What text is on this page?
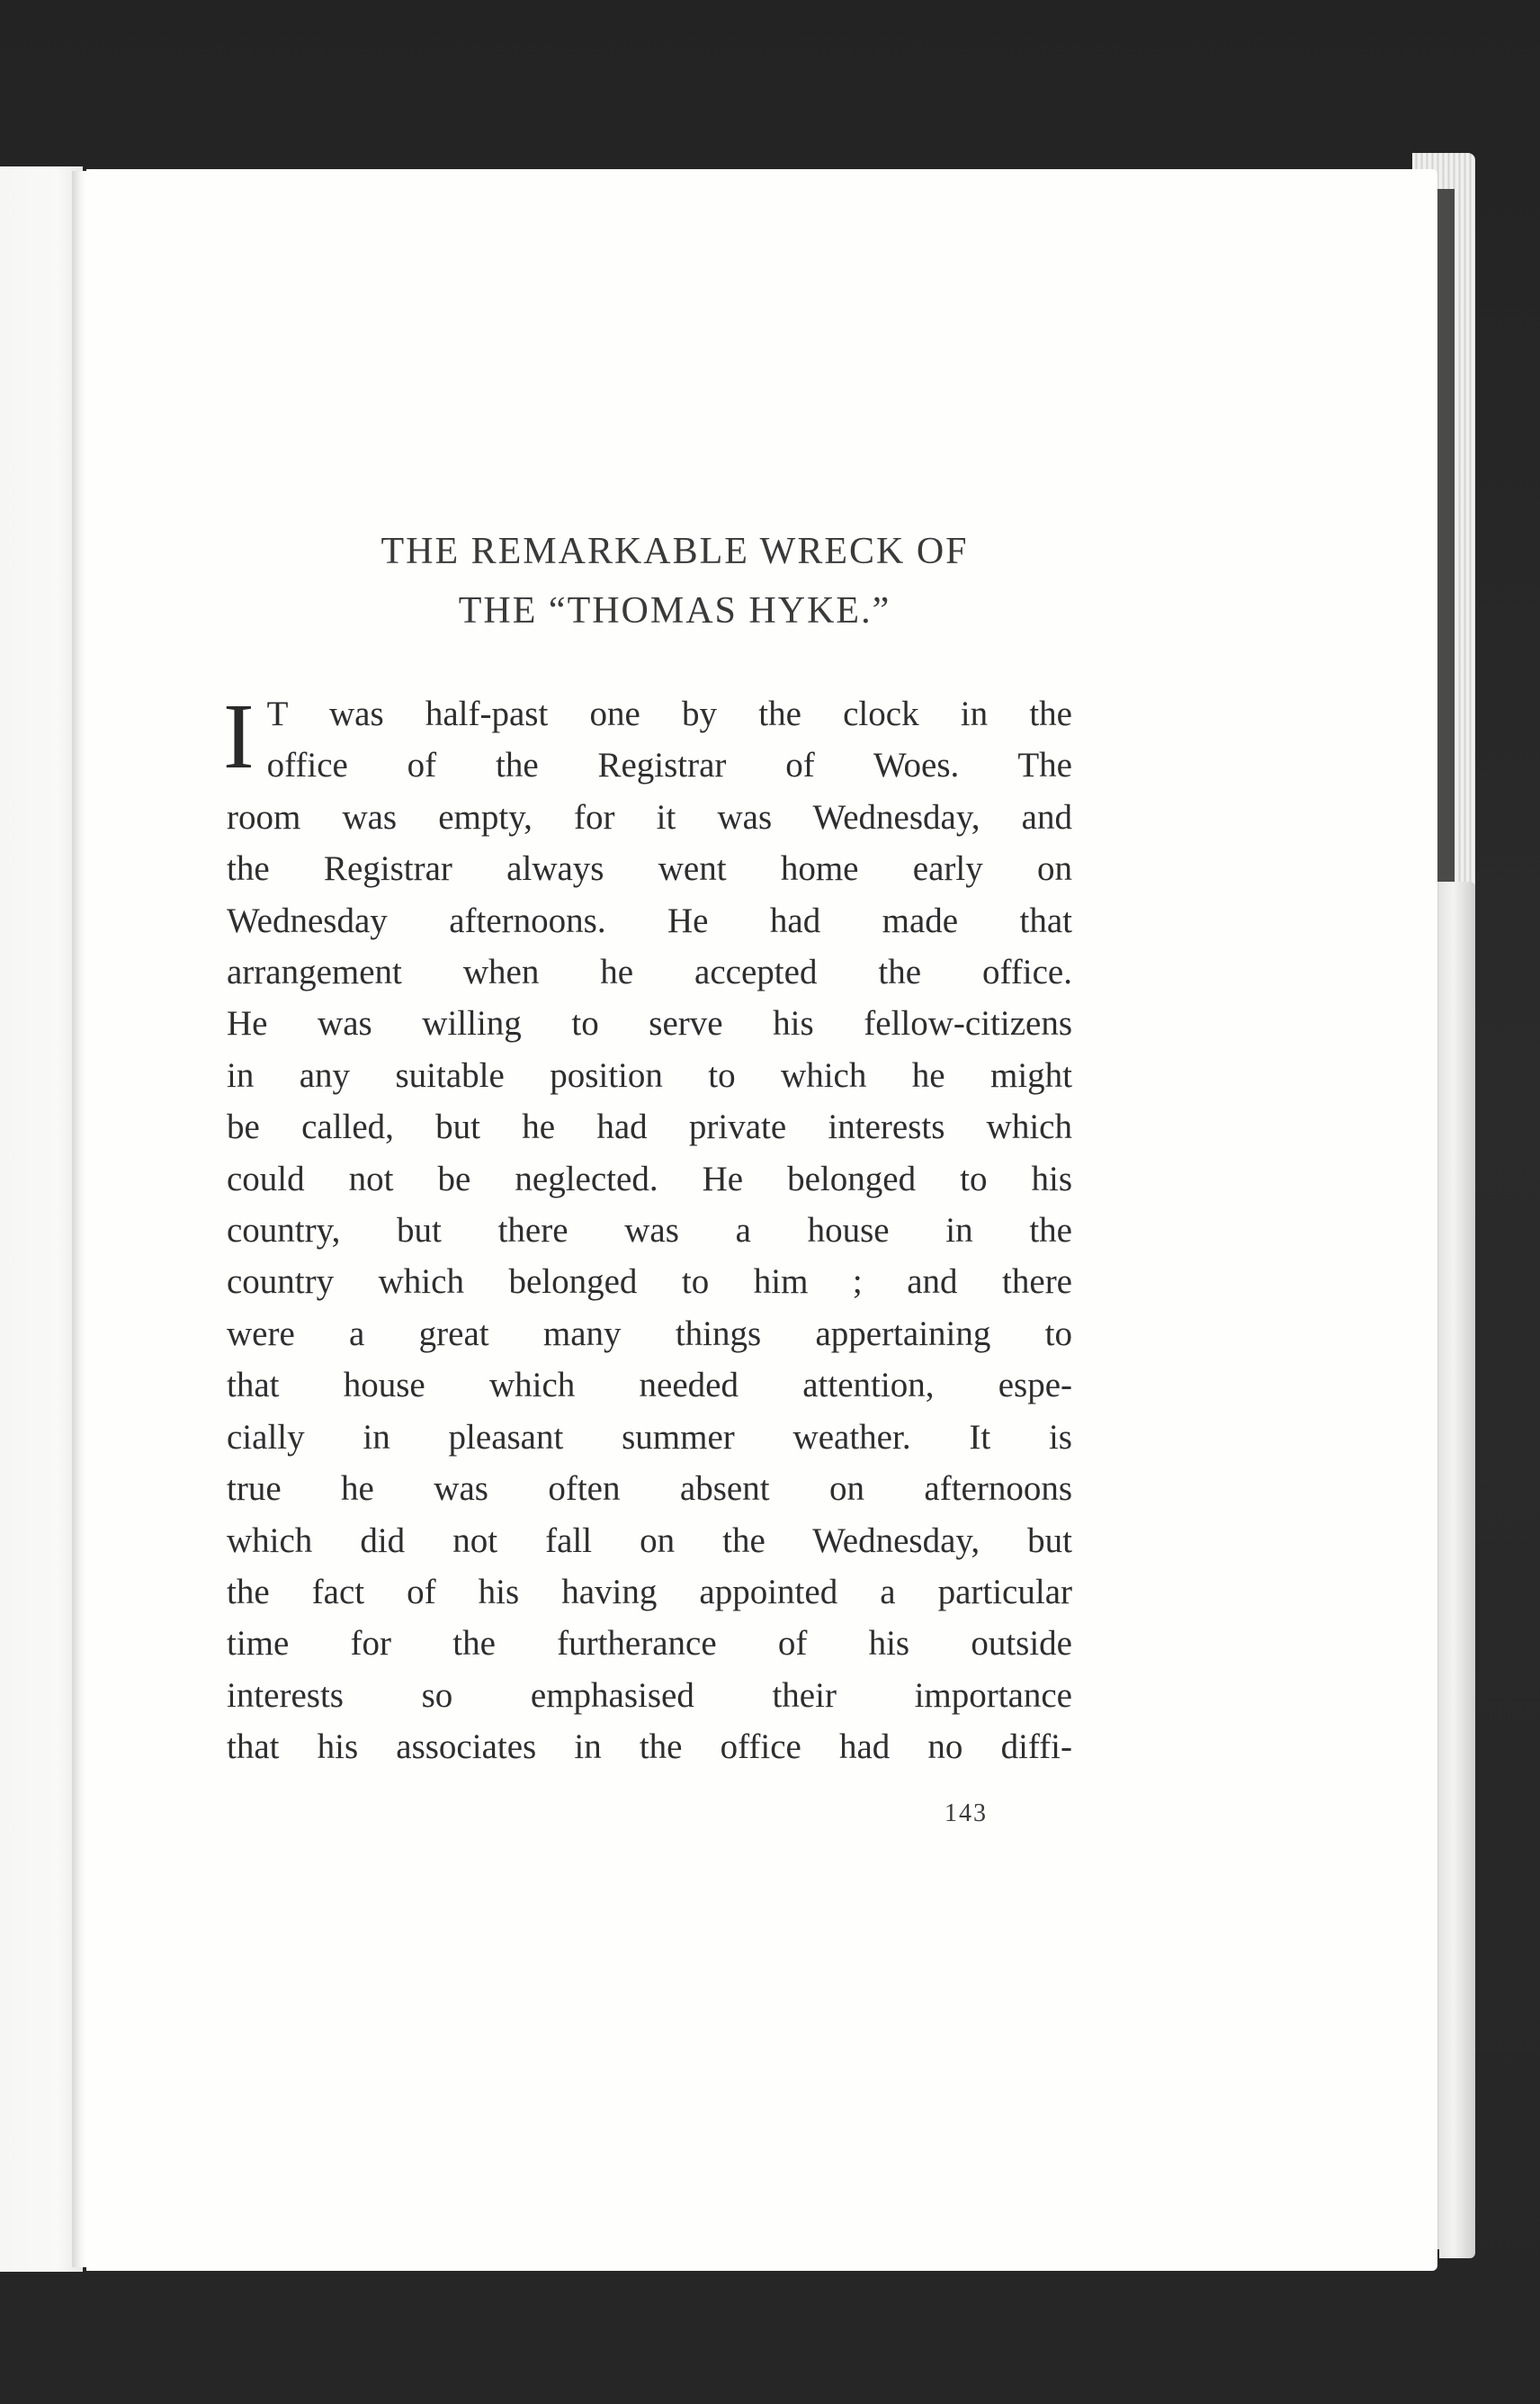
THE REMARKABLE WRECK OF
THE “THOMAS HYKE.”
I T was half-past one by the clock in the
office of the Registrar of Woes. The
room was empty, for it was Wednesday, and
the Registrar always went home early on
Wednesday afternoons. He had made that
arrangement when he accepted the office.
He was willing to serve his fellow-citizens
in any suitable position to which he might
be called, but he had private interests which
could not be neglected. He belonged to his
country, but there was a house in the
country which belonged to him ; and there
were a great many things appertaining to
that house which needed attention, espe-
cially in pleasant summer weather. It is
true he was often absent on afternoons
which did not fall on the Wednesday, but
the fact of his having appointed a particular
time for the furtherance of his outside
interests so emphasised their importance
that his associates in the office had no diffi-
143
